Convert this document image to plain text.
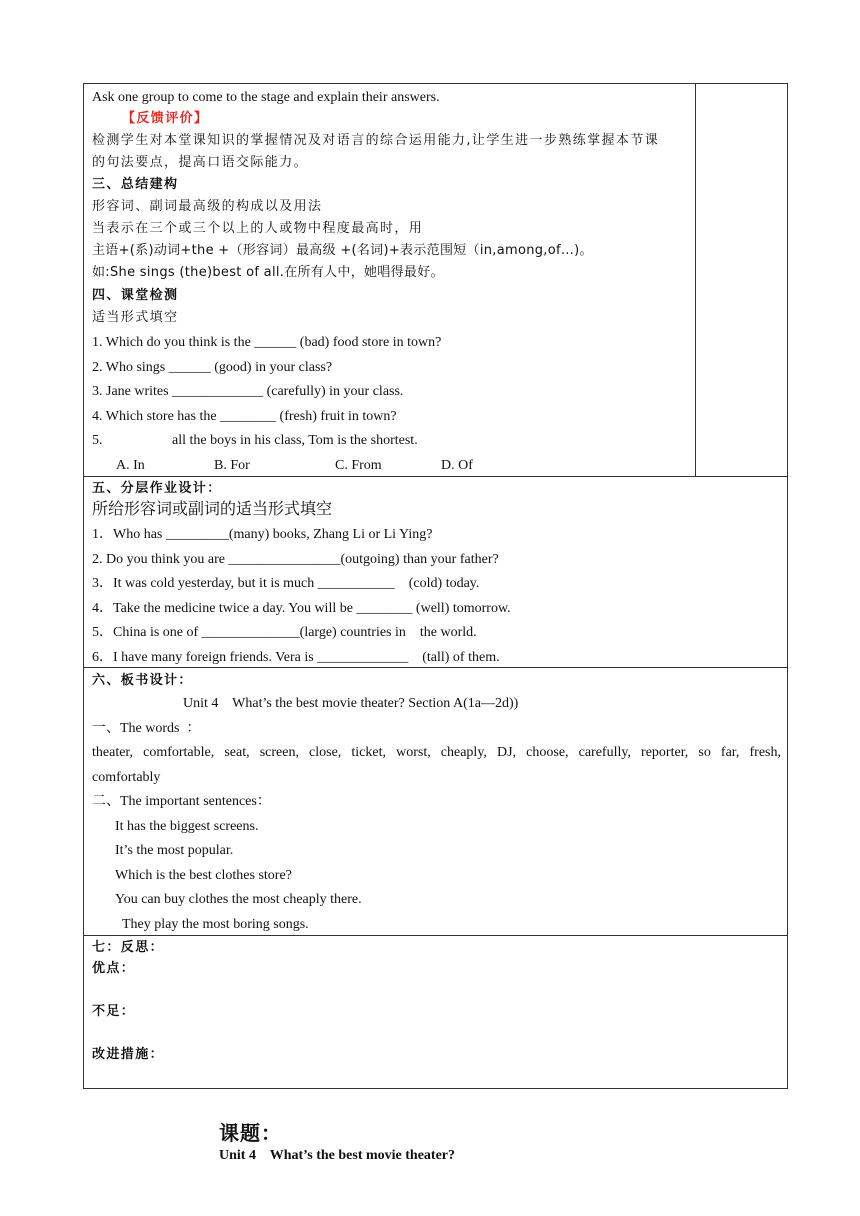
Ask one group to come to the stage and explain their answers.
【反馈评价】
检测学生对本堂课知识的掌握情况及对语言的综合运用能力,让学生进一步熟练掌握本节课
的句法要点，提高口语交际能力。
三、总结建构
形容词、副词最高级的构成以及用法
当表示在三个或三个以上的人或物中程度最高时，用
主语+(系)动词+the +（形容词）最高级 +(名词)+表示范围短（in,among,of…)。
如:She sings (the)best of all.在所有人中，她唱得最好。
四、课堂检测
适当形式填空
1. Which do you think is the ______ (bad) food store in town?
2. Who sings ______ (good) in your class?
3. Jane writes _____________ (carefully) in your class.
4. Which store has the ________ (fresh) fruit in town?
5.	all the boys in his class, Tom is the shortest.
A. In	B. For	C. From	D. Of
五、分层作业设计：
所给形容词或副词的适当形式填空
1．Who has _________(many) books, Zhang Li or Li Ying?
2. Do you think you are ________________(outgoing) than your father?
3．It was cold yesterday, but it is much ___________    (cold) today.
4．Take the medicine twice a day. You will be ________ (well) tomorrow.
5．China is one of ______________(large) countries in    the world.
6．I have many foreign friends. Vera is _____________    (tall) of them.
六、板书设计：
Unit 4    What’s the best movie theater? Section A(1a—2d))
一、The words  ：
theater, comfortable, seat, screen, close, ticket, worst, cheaply, DJ, choose, carefully, reporter, so far, fresh,
comfortably
二、The important sentences：
It has the biggest screens.
It’s the most popular.
Which is the best clothes store?
You can buy clothes the most cheaply there.
They play the most boring songs.
七：反思：
优点：
不足：
改进措施：

课题：
Unit 4    What’s the best movie theater?
